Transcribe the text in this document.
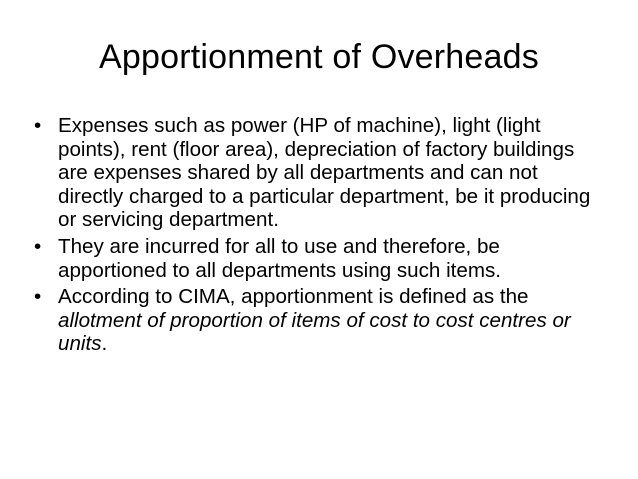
Apportionment of Overheads
• Expenses such as power (HP of machine), light (light points), rent (floor area), depreciation of factory buildings are expenses shared by all departments and can not directly charged to a particular department, be it producing or servicing department.
• They are incurred for all to use and therefore, be apportioned to all departments using such items.
• According to CIMA, apportionment is defined as the allotment of proportion of items of cost to cost centres or units.
